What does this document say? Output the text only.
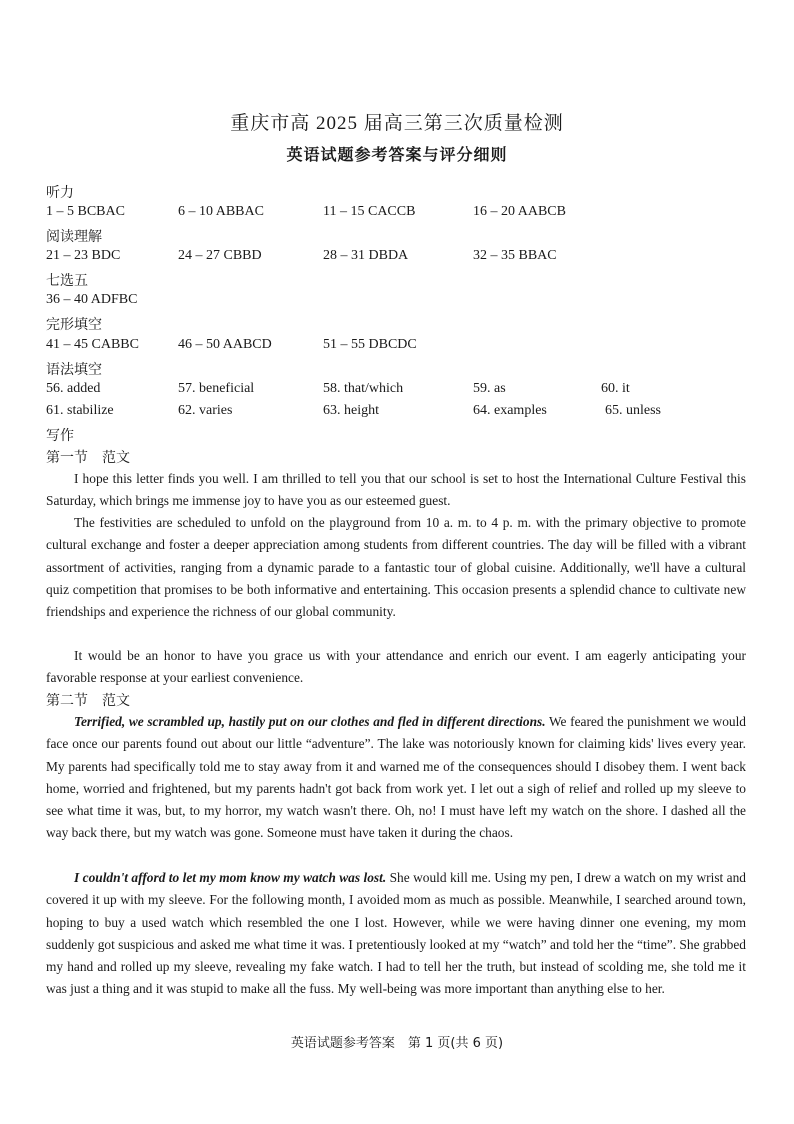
重庆市高 2025 届高三第三次质量检测
英语试题参考答案与评分细则
听力
1 – 5 BCBAC	6 – 10 ABBAC	11 – 15 CACCB	16 – 20 AABCB
阅读理解
21 – 23 BDC	24 – 27 CBBD	28 – 31 DBDA	32 – 35 BBAC
七选五
36 – 40 ADFBC
完形填空
41 – 45 CABBC	46 – 50 AABCD	51 – 55 DBCDC
语法填空
56. added	57. beneficial	58. that/which	59. as	60. it
61. stabilize	62. varies	63. height	64. examples	65. unless
写作
第一节　范文

I hope this letter finds you well. I am thrilled to tell you that our school is set to host the International Culture Festival this Saturday, which brings me immense joy to have you as our esteemed guest.

The festivities are scheduled to unfold on the playground from 10 a. m. to 4 p. m. with the primary objective to promote cultural exchange and foster a deeper appreciation among students from different countries. The day will be filled with a vibrant assortment of activities, ranging from a dynamic parade to a fantastic tour of global cuisine. Additionally, we'll have a cultural quiz competition that promises to be both informative and entertaining. This occasion presents a splendid chance to cultivate new friendships and experience the richness of our global community.

It would be an honor to have you grace us with your attendance and enrich our event. I am eagerly anticipating your favorable response at your earliest convenience.

第二节　范文

Terrified, we scrambled up, hastily put on our clothes and fled in different directions. We feared the punishment we would face once our parents found out about our little “adventure”. The lake was notoriously known for claiming kids' lives every year. My parents had specifically told me to stay away from it and warned me of the consequences should I disobey them. I went back home, worried and frightened, but my parents hadn't got back from work yet. I let out a sigh of relief and rolled up my sleeve to see what time it was, but, to my horror, my watch wasn't there. Oh, no! I must have left my watch on the shore. I dashed all the way back there, but my watch was gone. Someone must have taken it during the chaos.

I couldn't afford to let my mom know my watch was lost. She would kill me. Using my pen, I drew a watch on my wrist and covered it up with my sleeve. For the following month, I avoided mom as much as possible. Meanwhile, I searched around town, hoping to buy a used watch which resembled the one I lost. However, while we were having dinner one evening, my mom suddenly got suspicious and asked me what time it was. I pretentiously looked at my “watch” and told her the “time”. She grabbed my hand and rolled up my sleeve, revealing my fake watch. I had to tell her the truth, but instead of scolding me, she told me it was just a thing and it was stupid to make all the fuss. My well-being was more important than anything else to her.

英语试题参考答案　第 1 页(共 6 页)
